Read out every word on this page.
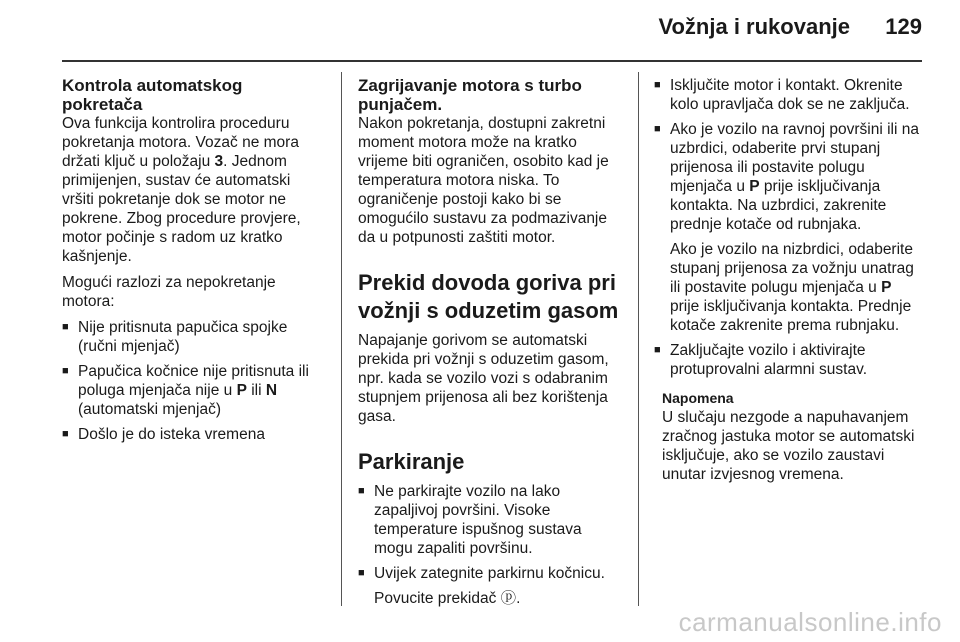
Vožnja i rukovanje 129
Kontrola automatskog pokretača

Ova funkcija kontrolira proceduru pokretanja motora. Vozač ne mora držati ključ u položaju 3. Jednom primijenjen, sustav će automatski vršiti pokretanje dok se motor ne pokrene. Zbog procedure provjere, motor počinje s radom uz kratko kašnjenje.

Mogući razlozi za nepokretanje motora:

■ Nije pritisnuta papučica spojke (ručni mjenjač)
■ Papučica kočnice nije pritisnuta ili poluga mjenjača nije u P ili N (automatski mjenjač)
■ Došlo je do isteka vremena
Zagrijavanje motora s turbo punjačem.

Nakon pokretanja, dostupni zakretni moment motora može na kratko vrijeme biti ograničen, osobito kad je temperatura motora niska. To ograničenje postoji kako bi se omogućilo sustavu za podmazivanje da u potpunosti zaštiti motor.

Prekid dovoda goriva pri vožnji s oduzetim gasom

Napajanje gorivom se automatski prekida pri vožnji s oduzetim gasom, npr. kada se vozilo vozi s odabranim stupnjem prijenosa ali bez korištenja gasa.

Parkiranje
■ Ne parkirajte vozilo na lako zapaljivoj površini. Visoke temperature ispušnog sustava mogu zapaliti površinu.
■ Uvijek zategnite parkirnu kočnicu.
Povucite prekidač ⓟ.
■ Isključite motor i kontakt. Okrenite kolo upravljača dok se ne zaključa.
■ Ako je vozilo na ravnoj površini ili na uzbrdici, odaberite prvi stupanj prijenosa ili postavite polugu mjenjača u P prije isključivanja kontakta. Na uzbrdici, zakrenite prednje kotače od rubnjaka.
Ako je vozilo na nizbrdici, odaberite stupanj prijenosa za vožnju unatrag ili postavite polugu mjenjača u P prije isključivanja kontakta. Prednje kotače zakrenite prema rubnjaku.
■ Zaključajte vozilo i aktivirajte protuprovalni alarmni sustav.
Napomena
U slučaju nezgode a napuhavanjem zračnog jastuka motor se automatski isključuje, ako se vozilo zaustavi unutar izvjesnog vremena.
carmanualsonline.info
